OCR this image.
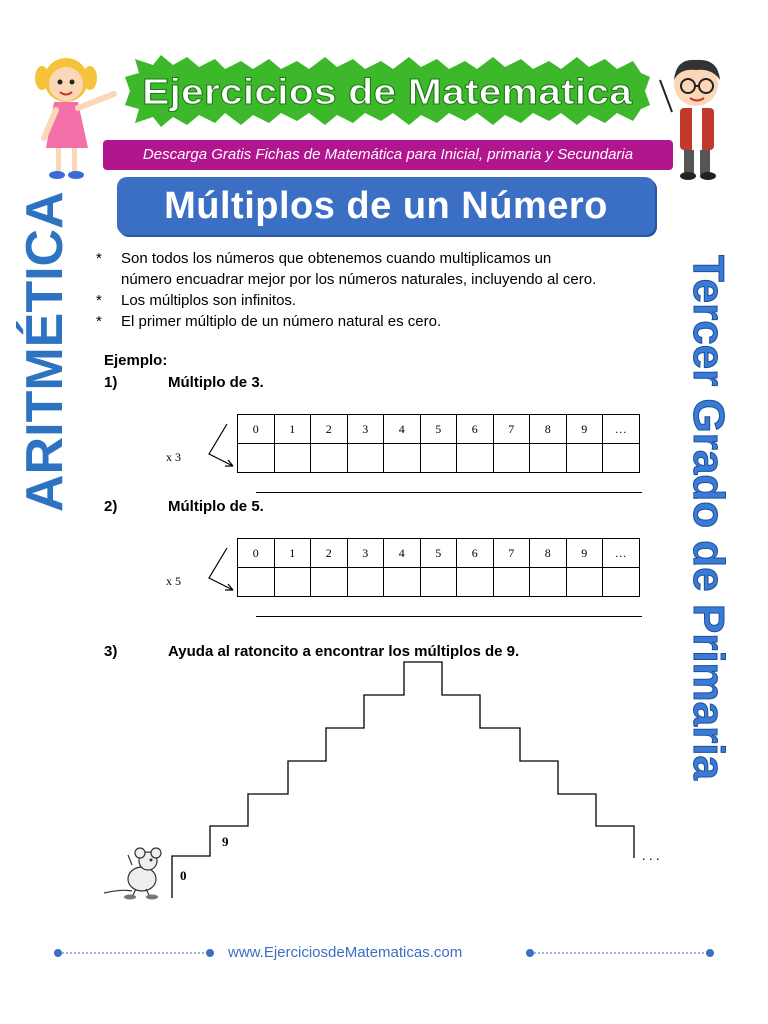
Ejercicios de Matematica
Descarga Gratis Fichas de Matemática para Inicial, primaria y Secundaria
Múltiplos de un Número
ARITMÉTICA	Tercer Grado de Primaria
* Son todos los números que obtenemos cuando multiplicamos un
número encuadrar mejor por los números naturales, incluyendo al cero.
* Los múltiplos son infinitos.
* El primer múltiplo de un número natural es cero.
Ejemplo:
1)	Múltiplo de 3.
x 3
0	1	2	3	4	5	6	7	8	9	…

2)	Múltiplo de 5.
x 5
0	1	2	3	4	5	6	7	8	9	…

3)	Ayuda al ratoncito a encontrar los múltiplos de 9.
0
9
. . .
www.EjerciciosdeMatematicas.com
